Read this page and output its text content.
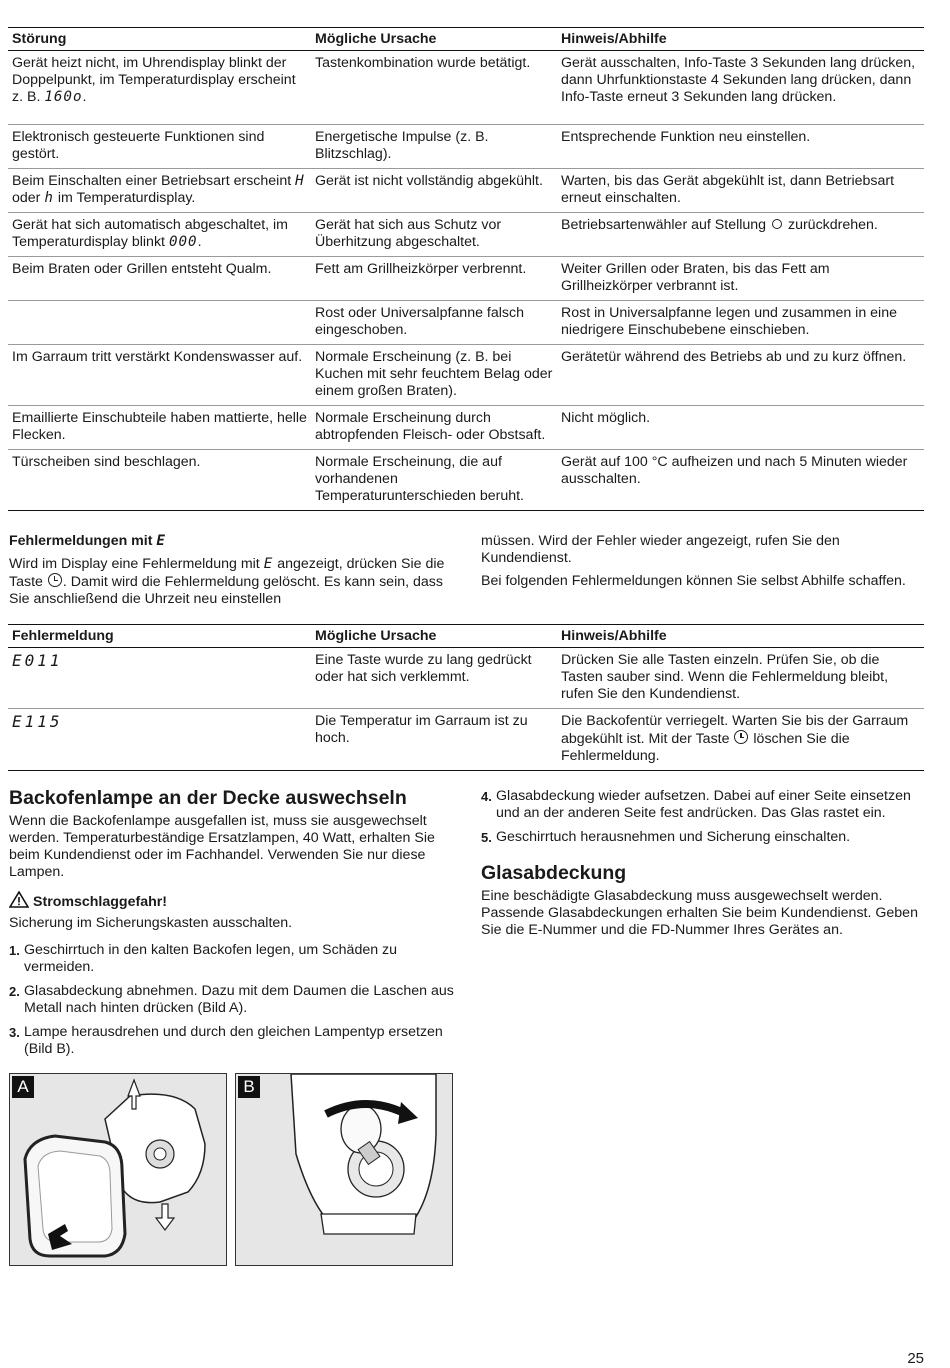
Störung	Mögliche Ursache	Hinweis/Abhilfe
Gerät heizt nicht, im Uhrendisplay blinkt der Doppelpunkt, im Temperaturdisplay erscheint z. B. 160o.	Tastenkombination wurde betätigt.	Gerät ausschalten, Info-Taste 3 Sekunden lang drücken, dann Uhrfunktionstaste 4 Sekunden lang drücken, dann Info-Taste erneut 3 Sekunden lang drücken.
Elektronisch gesteuerte Funktionen sind gestört.	Energetische Impulse (z. B. Blitzschlag).	Entsprechende Funktion neu einstellen.
Beim Einschalten einer Betriebsart erscheint H oder h im Temperaturdisplay.	Gerät ist nicht vollständig abgekühlt.	Warten, bis das Gerät abgekühlt ist, dann Betriebsart erneut einschalten.
Gerät hat sich automatisch abgeschaltet, im Temperaturdisplay blinkt 000.	Gerät hat sich aus Schutz vor Überhitzung abgeschaltet.	Betriebsartenwähler auf Stellung zurückdrehen.
Beim Braten oder Grillen entsteht Qualm.	Fett am Grillheizkörper verbrennt.	Weiter Grillen oder Braten, bis das Fett am Grillheizkörper verbrannt ist.
	Rost oder Universalpfanne falsch eingeschoben.	Rost in Universalpfanne legen und zusammen in eine niedrigere Einschubebene einschieben.
Im Garraum tritt verstärkt Kondenswasser auf.	Normale Erscheinung (z. B. bei Kuchen mit sehr feuchtem Belag oder einem großen Braten).	Gerätetür während des Betriebs ab und zu kurz öffnen.
Emaillierte Einschubteile haben mattierte, helle Flecken.	Normale Erscheinung durch abtropfenden Fleisch- oder Obstsaft.	Nicht möglich.
Türscheiben sind beschlagen.	Normale Erscheinung, die auf vorhandenen Temperaturunterschieden beruht.	Gerät auf 100 °C aufheizen und nach 5 Minuten wieder ausschalten.

Fehlermeldungen mit E

Wird im Display eine Fehlermeldung mit E angezeigt, drücken Sie die Taste . Damit wird die Fehlermeldung gelöscht. Es kann sein, dass Sie anschließend die Uhrzeit neu einstellen

müssen. Wird der Fehler wieder angezeigt, rufen Sie den Kundendienst.

Bei folgenden Fehlermeldungen können Sie selbst Abhilfe schaffen.

Fehlermeldung	Mögliche Ursache	Hinweis/Abhilfe
E011	Eine Taste wurde zu lang gedrückt oder hat sich verklemmt.	Drücken Sie alle Tasten einzeln. Prüfen Sie, ob die Tasten sauber sind. Wenn die Fehlermeldung bleibt, rufen Sie den Kundendienst.
E115	Die Temperatur im Garraum ist zu hoch.	Die Backofentür verriegelt. Warten Sie bis der Garraum abgekühlt ist. Mit der Taste löschen Sie die Fehlermeldung.
Backofenlampe an der Decke auswechseln

Wenn die Backofenlampe ausgefallen ist, muss sie ausgewechselt werden. Temperaturbeständige Ersatzlampen, 40 Watt, erhalten Sie beim Kundendienst oder im Fachhandel. Verwenden Sie nur diese Lampen.

Stromschlaggefahr!

Sicherung im Sicherungskasten ausschalten.

1. Geschirrtuch in den kalten Backofen legen, um Schäden zu vermeiden.
2. Glasabdeckung abnehmen. Dazu mit dem Daumen die Laschen aus Metall nach hinten drücken (Bild A).
3. Lampe herausdrehen und durch den gleichen Lampentyp ersetzen (Bild B).
A	B
4. Glasabdeckung wieder aufsetzen. Dabei auf einer Seite einsetzen und an der anderen Seite fest andrücken. Das Glas rastet ein.
5. Geschirrtuch herausnehmen und Sicherung einschalten.
Glasabdeckung

Eine beschädigte Glasabdeckung muss ausgewechselt werden. Passende Glasabdeckungen erhalten Sie beim Kundendienst. Geben Sie die E-Nummer und die FD-Nummer Ihres Gerätes an.

25
